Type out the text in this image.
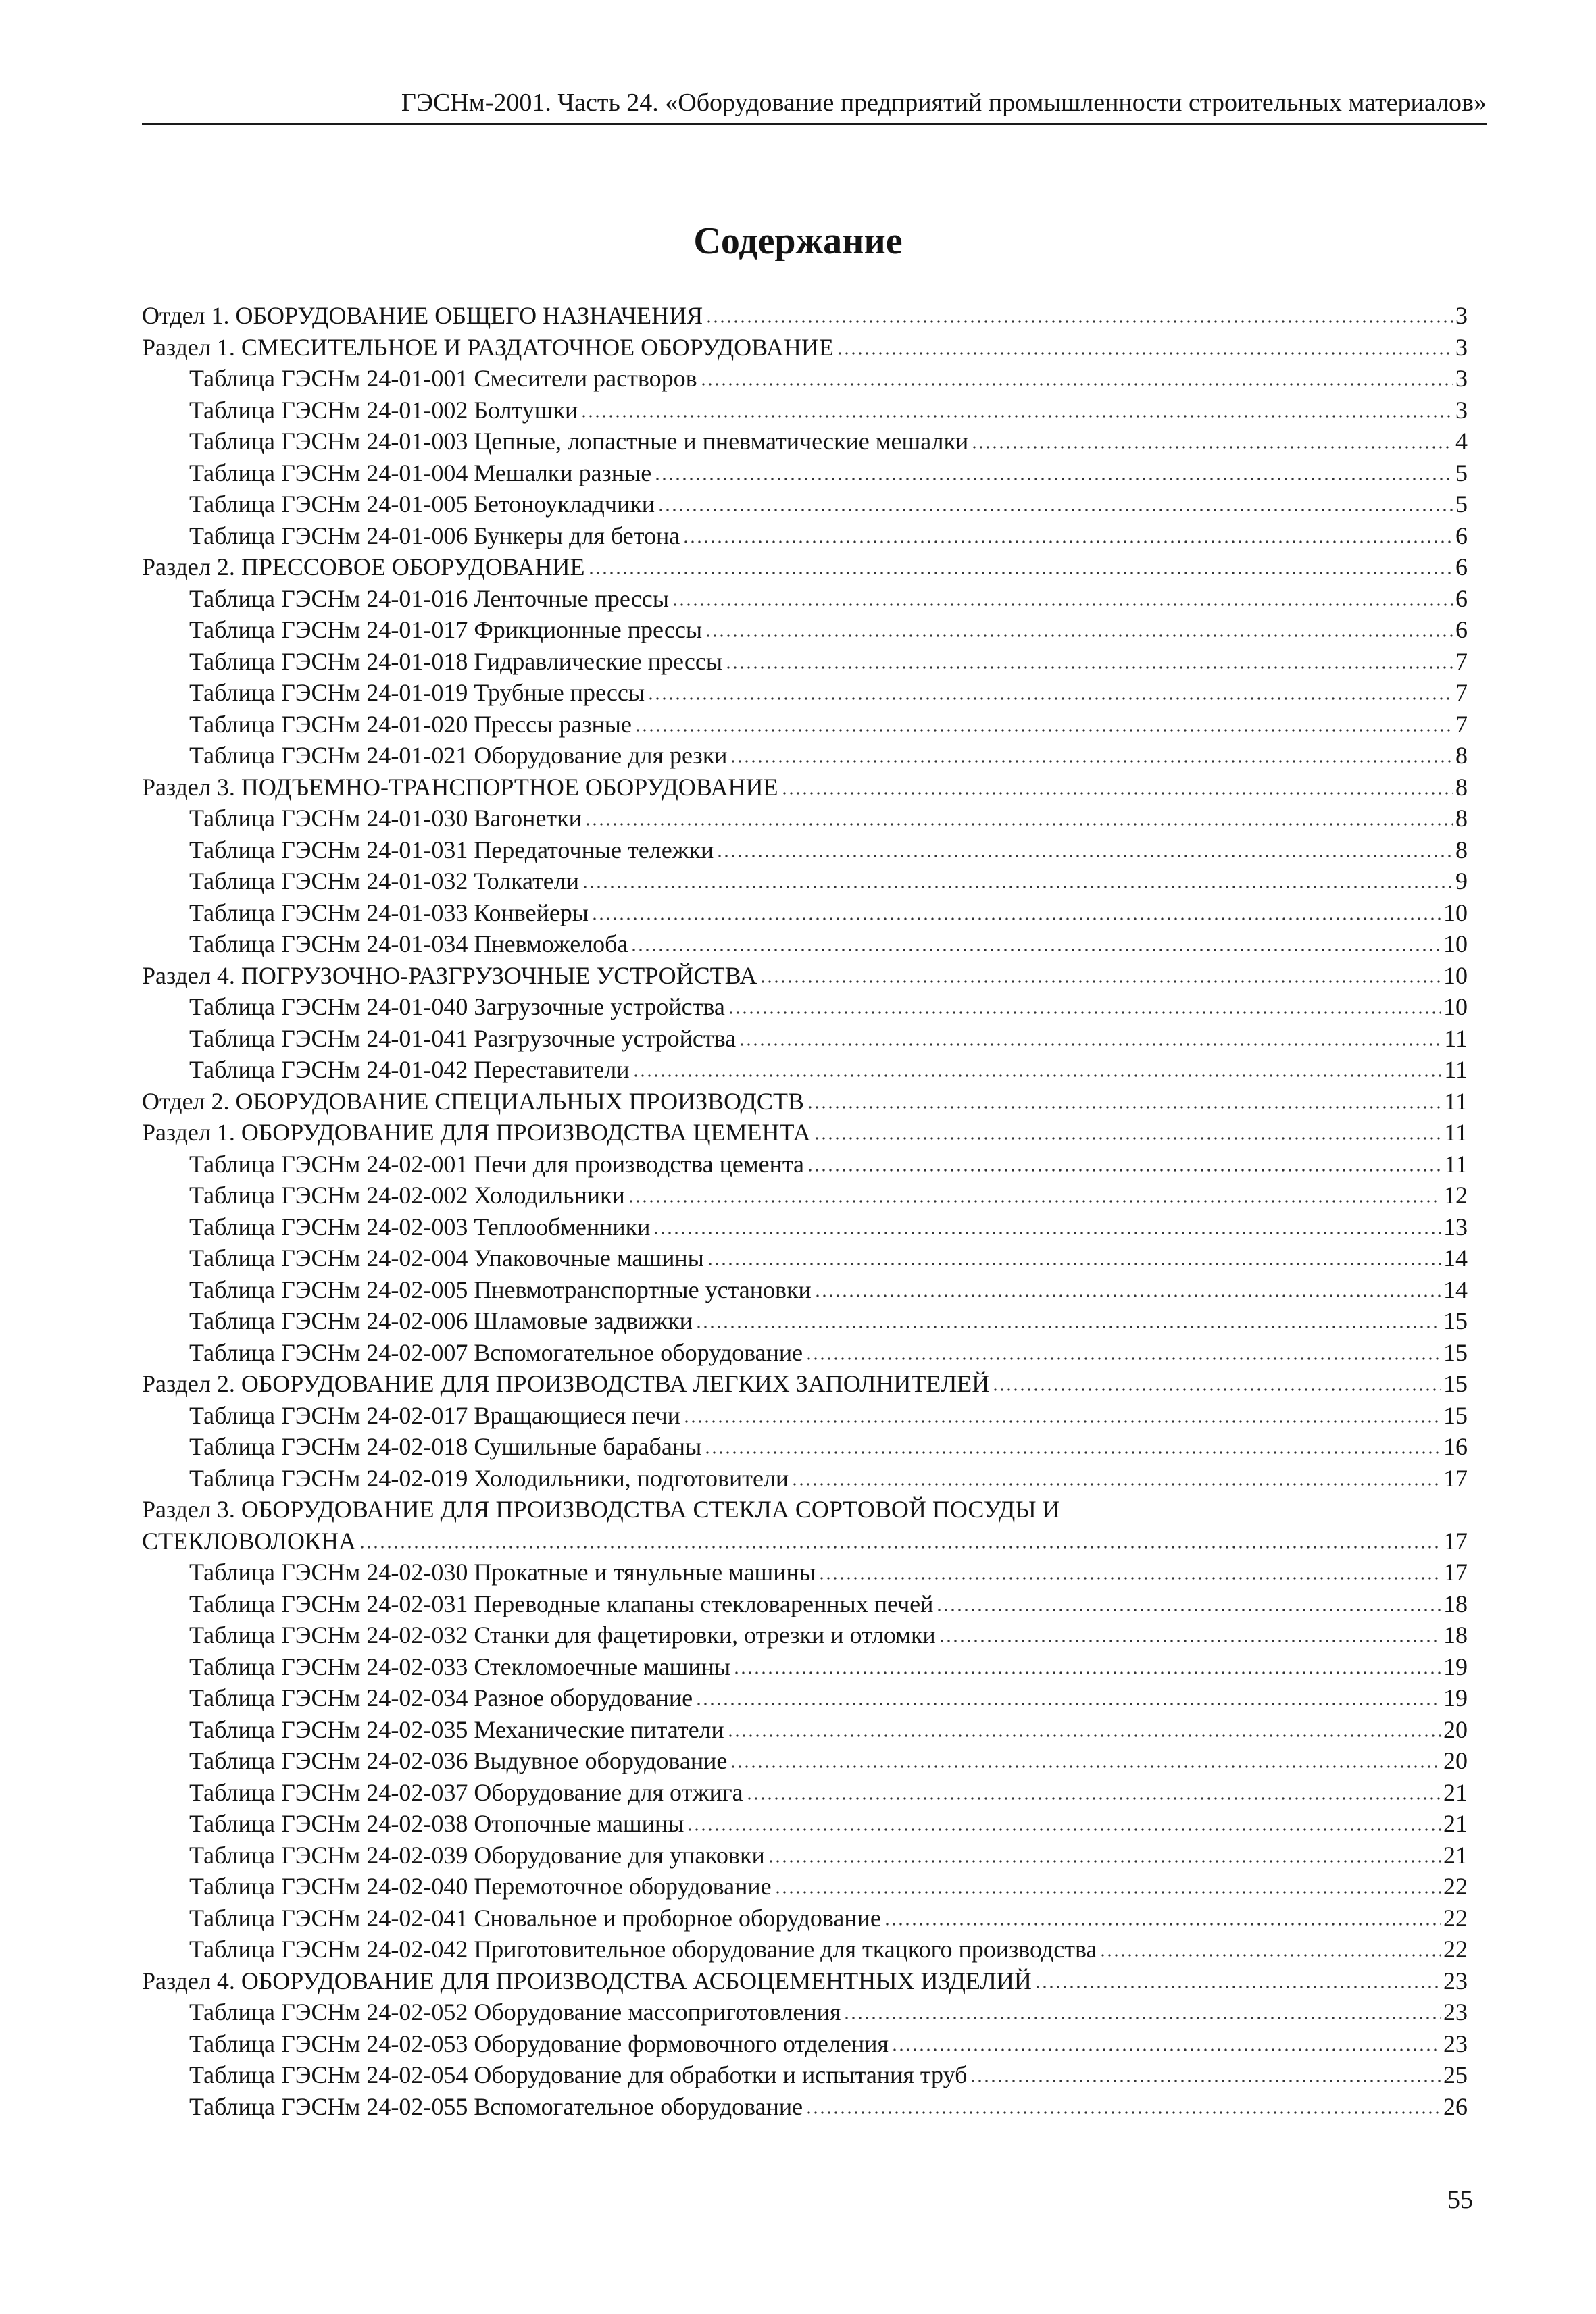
ГЭСНм-2001. Часть 24. «Оборудование предприятий промышленности строительных материалов»
Содержание
Отдел 1. ОБОРУДОВАНИЕ ОБЩЕГО НАЗНАЧЕНИЯ	3
Раздел 1. СМЕСИТЕЛЬНОЕ И РАЗДАТОЧНОЕ ОБОРУДОВАНИЕ	3
Таблица ГЭСНм 24-01-001 Смесители растворов	3
Таблица ГЭСНм 24-01-002 Болтушки	3
Таблица ГЭСНм 24-01-003 Цепные, лопастные и пневматические мешалки	4
Таблица ГЭСНм 24-01-004 Мешалки разные	5
Таблица ГЭСНм 24-01-005 Бетоноукладчики	5
Таблица ГЭСНм 24-01-006 Бункеры для бетона	6
Раздел 2. ПРЕССОВОЕ ОБОРУДОВАНИЕ	6
Таблица ГЭСНм 24-01-016 Ленточные прессы	6
Таблица ГЭСНм 24-01-017 Фрикционные прессы	6
Таблица ГЭСНм 24-01-018 Гидравлические прессы	7
Таблица ГЭСНм 24-01-019 Трубные прессы	7
Таблица ГЭСНм 24-01-020 Прессы разные	7
Таблица ГЭСНм 24-01-021 Оборудование для резки	8
Раздел 3. ПОДЪЕМНО-ТРАНСПОРТНОЕ ОБОРУДОВАНИЕ	8
Таблица ГЭСНм 24-01-030 Вагонетки	8
Таблица ГЭСНм 24-01-031 Передаточные тележки	8
Таблица ГЭСНм 24-01-032 Толкатели	9
Таблица ГЭСНм 24-01-033 Конвейеры	10
Таблица ГЭСНм 24-01-034 Пневможелоба	10
Раздел 4. ПОГРУЗОЧНО-РАЗГРУЗОЧНЫЕ УСТРОЙСТВА	10
Таблица ГЭСНм 24-01-040 Загрузочные устройства	10
Таблица ГЭСНм 24-01-041 Разгрузочные устройства	11
Таблица ГЭСНм 24-01-042 Переставители	11
Отдел 2. ОБОРУДОВАНИЕ СПЕЦИАЛЬНЫХ ПРОИЗВОДСТВ	11
Раздел 1. ОБОРУДОВАНИЕ ДЛЯ ПРОИЗВОДСТВА ЦЕМЕНТА	11
Таблица ГЭСНм 24-02-001 Печи для производства цемента	11
Таблица ГЭСНм 24-02-002 Холодильники	12
Таблица ГЭСНм 24-02-003 Теплообменники	13
Таблица ГЭСНм 24-02-004 Упаковочные машины	14
Таблица ГЭСНм 24-02-005 Пневмотранспортные установки	14
Таблица ГЭСНм 24-02-006 Шламовые задвижки	15
Таблица ГЭСНм 24-02-007 Вспомогательное оборудование	15
Раздел 2. ОБОРУДОВАНИЕ ДЛЯ ПРОИЗВОДСТВА ЛЕГКИХ ЗАПОЛНИТЕЛЕЙ	15
Таблица ГЭСНм 24-02-017 Вращающиеся печи	15
Таблица ГЭСНм 24-02-018 Сушильные барабаны	16
Таблица ГЭСНм 24-02-019 Холодильники, подготовители	17
Раздел 3. ОБОРУДОВАНИЕ ДЛЯ ПРОИЗВОДСТВА СТЕКЛА СОРТОВОЙ ПОСУДЫ И
СТЕКЛОВОЛОКНА	17
Таблица ГЭСНм 24-02-030 Прокатные и тянульные машины	17
Таблица ГЭСНм 24-02-031 Переводные клапаны стекловаренных печей	18
Таблица ГЭСНм 24-02-032 Станки для фацетировки, отрезки и отломки	18
Таблица ГЭСНм 24-02-033 Стекломоечные машины	19
Таблица ГЭСНм 24-02-034 Разное оборудование	19
Таблица ГЭСНм 24-02-035 Механические питатели	20
Таблица ГЭСНм 24-02-036 Выдувное оборудование	20
Таблица ГЭСНм 24-02-037 Оборудование для отжига	21
Таблица ГЭСНм 24-02-038 Отопочные машины	21
Таблица ГЭСНм 24-02-039 Оборудование для упаковки	21
Таблица ГЭСНм 24-02-040 Перемоточное оборудование	22
Таблица ГЭСНм 24-02-041 Сновальное и проборное оборудование	22
Таблица ГЭСНм 24-02-042 Приготовительное оборудование для ткацкого производства	22
Раздел 4. ОБОРУДОВАНИЕ ДЛЯ ПРОИЗВОДСТВА АСБОЦЕМЕНТНЫХ ИЗДЕЛИЙ	23
Таблица ГЭСНм 24-02-052 Оборудование массоприготовления	23
Таблица ГЭСНм 24-02-053 Оборудование формовочного отделения	23
Таблица ГЭСНм 24-02-054 Оборудование для обработки и испытания труб	25
Таблица ГЭСНм 24-02-055 Вспомогательное оборудование	26
55
